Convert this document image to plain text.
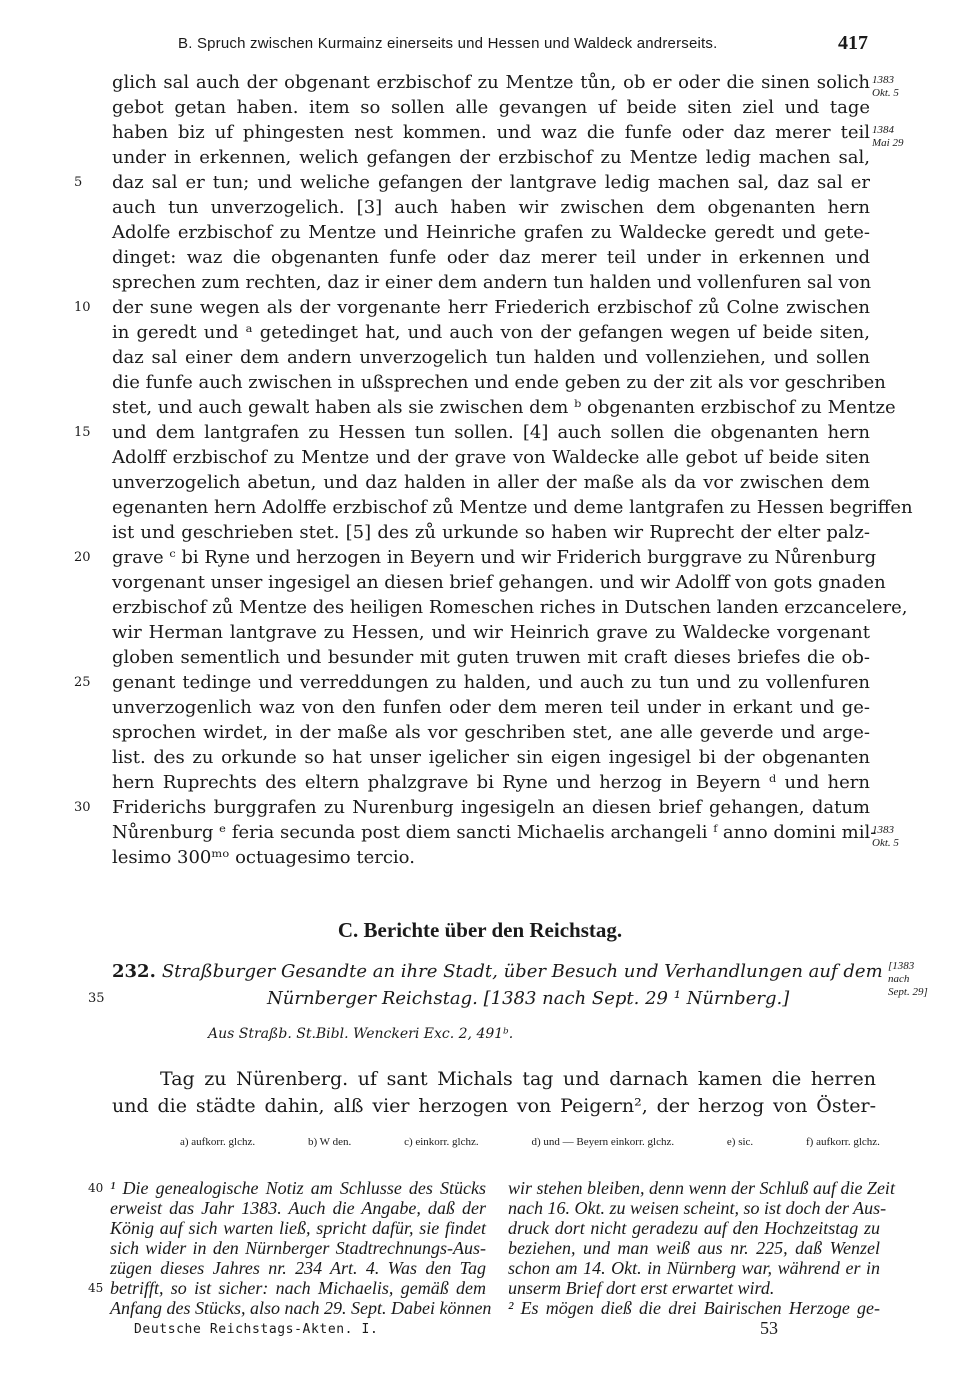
B. Spruch zwischen Kurmainz einerseits und Hessen und Waldeck andrerseits.	417
glich sal auch der obgenant erzbischof zu Mentze tůn, ob er oder die sinen solich
gebot getan haben. item so sollen alle gevangen uf beide siten ziel und tage
haben biz uf phingesten nest kommen. und waz die funfe oder daz merer teil
under in erkennen, welich gefangen der erzbischof zu Mentze ledig machen sal,
daz sal er tun; und weliche gefangen der lantgrave ledig machen sal, daz sal er
auch tun unverzogelich. [3] auch haben wir zwischen dem obgenanten hern
Adolfe erzbischof zu Mentze und Heinriche grafen zu Waldecke geredt und gete-
dinget: waz die obgenanten funfe oder daz merer teil under in erkennen und
sprechen zum rechten, daz ir einer dem andern tun halden und vollenfuren sal von
der sune wegen als der vorgenante herr Friederich erzbischof zů Colne zwischen
in geredt und ᵃ getedinget hat, und auch von der gefangen wegen uf beide siten,
daz sal einer dem andern unverzogelich tun halden und vollenziehen, und sollen
die funfe auch zwischen in ußsprechen und ende geben zu der zit als vor geschriben
stet, und auch gewalt haben als sie zwischen dem ᵇ obgenanten erzbischof zu Mentze
und dem lantgrafen zu Hessen tun sollen. [4] auch sollen die obgenanten hern
Adolff erzbischof zu Mentze und der grave von Waldecke alle gebot uf beide siten
unverzogelich abetun, und daz halden in aller der maße als da vor zwischen dem
egenanten hern Adolffe erzbischof zů Mentze und deme lantgrafen zu Hessen begriffen
ist und geschrieben stet. [5] des zů urkunde so haben wir Ruprecht der elter palz-
grave ᶜ bi Ryne und herzogen in Beyern und wir Friderich burggrave zu Nůrenburg
vorgenant unser ingesigel an diesen brief gehangen. und wir Adolff von gots gnaden
erzbischof zů Mentze des heiligen Romeschen riches in Dutschen landen erzcancelere,
wir Herman lantgrave zu Hessen, und wir Heinrich grave zu Waldecke vorgenant
globen sementlich und besunder mit guten truwen mit craft dieses briefes die ob-
genant tedinge und verreddungen zu halden, und auch zu tun und zu vollenfuren
unverzogenlich waz von den funfen oder dem meren teil under in erkant und ge-
sprochen wirdet, in der maße als vor geschriben stet, ane alle geverde und arge-
list. des zu orkunde so hat unser igelicher sin eigen ingesigel bi der obgenanten
hern Ruprechts des eltern phalzgrave bi Ryne und herzog in Beyern ᵈ und hern
Friderichs burggrafen zu Nurenburg ingesigeln an diesen brief gehangen, datum
Nůrenburg ᵉ feria secunda post diem sancti Michaelis archangeli ᶠ anno domini mil-
lesimo 300ᵐᵒ octuagesimo tercio.
5
10
15
20
25
30
1383
Okt. 5
1384
Mai 29
1383
Okt. 5
C. Berichte über den Reichstag.
232. Straßburger Gesandte an ihre Stadt, über Besuch und Verhandlungen auf dem
Nürnberger Reichstag. [1383 nach Sept. 29 ¹ Nürnberg.]
[1383
nach
Sept. 29]
35
Aus Straßb. St.Bibl. Wenckeri Exc. 2, 491ᵇ.
Tag zu Nürenberg. uf sant Michals tag und darnach kamen die herren
und die städte dahin, alß vier herzogen von Peigern², der herzog von Öster-
a) aufkorr. glchz.	b) W den.	c) einkorr. glchz.	d) und — Beyern einkorr. glchz.	e) sic.	f) aufkorr. glchz.
¹ Die genealogische Notiz am Schlusse des Stücks
erweist das Jahr 1383. Auch die Angabe, daß der
König auf sich warten ließ, spricht dafür, sie findet
sich wider in den Nürnberger Stadtrechnungs-Aus-
zügen dieses Jahres nr. 234 Art. 4. Was den Tag
betrifft, so ist sicher: nach Michaelis, gemäß dem
Anfang des Stücks, also nach 29. Sept. Dabei können
wir stehen bleiben, denn wenn der Schluß auf die Zeit
nach 16. Okt. zu weisen scheint, so ist doch der Aus-
druck dort nicht geradezu auf den Hochzeitstag zu
beziehen, und man weiß aus nr. 225, daß Wenzel
schon am 14. Okt. in Nürnberg war, während er in
unserm Brief dort erst erwartet wird.
² Es mögen dieß die drei Bairischen Herzoge ge-
40
45
Deutsche Reichstags-Akten. I.	53
